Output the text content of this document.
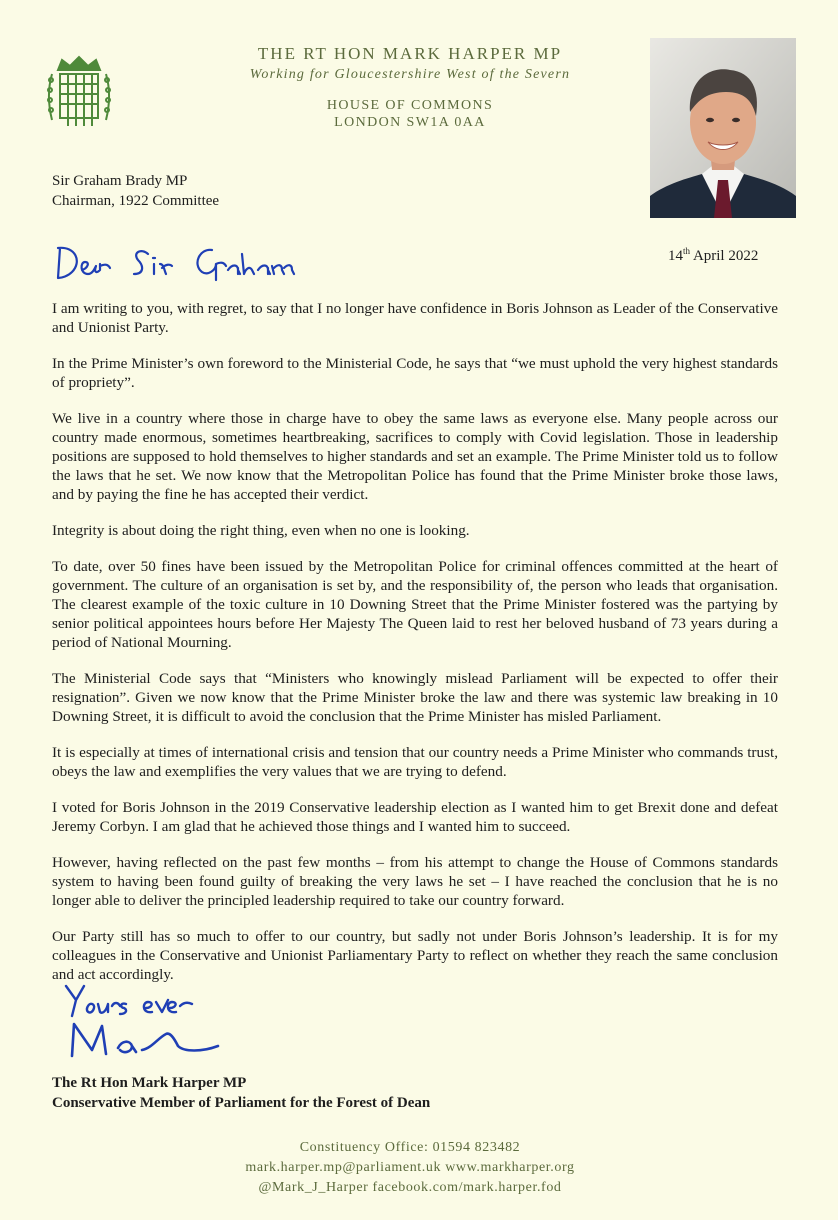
THE RT HON MARK HARPER MP
Working for Gloucestershire West of the Severn
HOUSE OF COMMONS
LONDON SW1A 0AA
Sir Graham Brady MP
Chairman, 1922 Committee
14th April 2022

I am writing to you, with regret, to say that I no longer have confidence in Boris Johnson as Leader of the Conservative and Unionist Party.

In the Prime Minister’s own foreword to the Ministerial Code, he says that “we must uphold the very highest standards of propriety”.

We live in a country where those in charge have to obey the same laws as everyone else. Many people across our country made enormous, sometimes heartbreaking, sacrifices to comply with Covid legislation. Those in leadership positions are supposed to hold themselves to higher standards and set an example. The Prime Minister told us to follow the laws that he set. We now know that the Metropolitan Police has found that the Prime Minister broke those laws, and by paying the fine he has accepted their verdict.

Integrity is about doing the right thing, even when no one is looking.

To date, over 50 fines have been issued by the Metropolitan Police for criminal offences committed at the heart of government. The culture of an organisation is set by, and the responsibility of, the person who leads that organisation. The clearest example of the toxic culture in 10 Downing Street that the Prime Minister fostered was the partying by senior political appointees hours before Her Majesty The Queen laid to rest her beloved husband of 73 years during a period of National Mourning.

The Ministerial Code says that “Ministers who knowingly mislead Parliament will be expected to offer their resignation”. Given we now know that the Prime Minister broke the law and there was systemic law breaking in 10 Downing Street, it is difficult to avoid the conclusion that the Prime Minister has misled Parliament.

It is especially at times of international crisis and tension that our country needs a Prime Minister who commands trust, obeys the law and exemplifies the very values that we are trying to defend.

I voted for Boris Johnson in the 2019 Conservative leadership election as I wanted him to get Brexit done and defeat Jeremy Corbyn. I am glad that he achieved those things and I wanted him to succeed.

However, having reflected on the past few months – from his attempt to change the House of Commons standards system to having been found guilty of breaking the very laws he set – I have reached the conclusion that he is no longer able to deliver the principled leadership required to take our country forward.

Our Party still has so much to offer to our country, but sadly not under Boris Johnson’s leadership. It is for my colleagues in the Conservative and Unionist Parliamentary Party to reflect on whether they reach the same conclusion and act accordingly.

The Rt Hon Mark Harper MP
Conservative Member of Parliament for the Forest of Dean
Constituency Office: 01594 823482
mark.harper.mp@parliament.uk www.markharper.org
@Mark_J_Harper facebook.com/mark.harper.fod
